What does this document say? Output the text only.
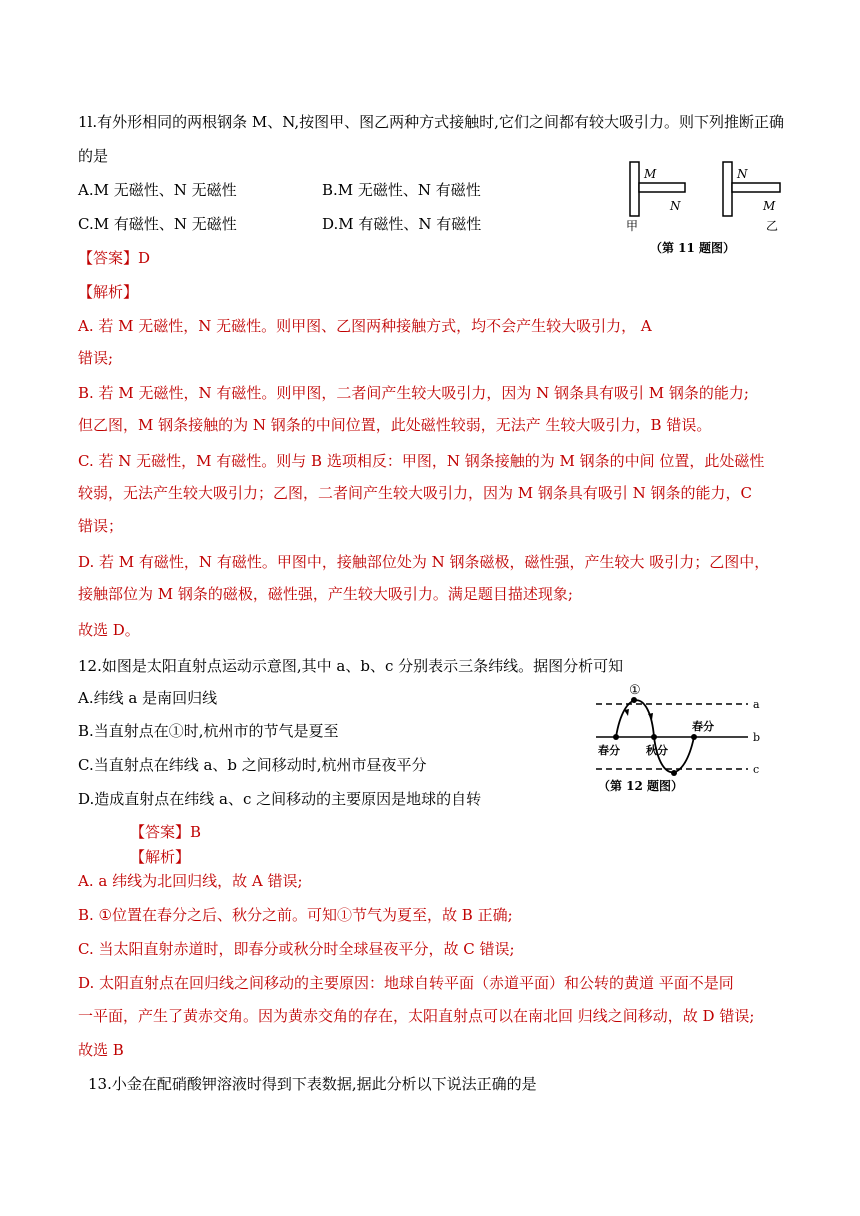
1l.有外形相同的两根钢条 M、N,按图甲、图乙两种方式接触时,它们之间都有较大吸引力。则下列推断正确
的是
A.M 无磁性、N 无磁性	B.M 无磁性、N 有磁性
C.M 有磁性、N 无磁性	D.M 有磁性、N 有磁性
【答案】D
【解析】
M
N
甲
N
M
乙
（第 11 题图）
A. 若 M 无磁性，N 无磁性。则甲图、乙图两种接触方式，均不会产生较大吸引力， A
错误;
B. 若 M 无磁性，N 有磁性。则甲图，二者间产生较大吸引力，因为 N 钢条具有吸引 M 钢条的能力;
但乙图，M 钢条接触的为 N 钢条的中间位置，此处磁性较弱，无法产 生较大吸引力，B 错误。
C. 若 N 无磁性，M 有磁性。则与 B 选项相反：甲图，N 钢条接触的为 M 钢条的中间 位置，此处磁性
较弱，无法产生较大吸引力；乙图，二者间产生较大吸引力，因为 M 钢条具有吸引 N 钢条的能力，C
错误；
D. 若 M 有磁性，N 有磁性。甲图中，接触部位处为 N 钢条磁极，磁性强，产生较大 吸引力；乙图中，
接触部位为 M 钢条的磁极，磁性强，产生较大吸引力。满足题目描述现象;
故选 D。
12.如图是太阳直射点运动示意图,其中 a、b、c 分别表示三条纬线。据图分析可知
A.纬线 a 是南回归线
B.当直射点在①时,杭州市的节气是夏至
C.当直射点在纬线 a、b 之间移动时,杭州市昼夜平分
D.造成直射点在纬线 a、c 之间移动的主要原因是地球的自转
①
a
b
c
春分 秋分
春分
（第 12 题图）
【答案】B
【解析】
A. a 纬线为北回归线，故 A 错误;
B. ①位置在春分之后、秋分之前。可知①节气为夏至，故 B 正确;
C. 当太阳直射赤道时，即春分或秋分时全球昼夜平分，故 C 错误;
D. 太阳直射点在回归线之间移动的主要原因：地球自转平面（赤道平面）和公转的黄道 平面不是同
一平面，产生了黄赤交角。因为黄赤交角的存在，太阳直射点可以在南北回 归线之间移动，故 D 错误;
故选 B
13.小金在配硝酸钾溶液时得到下表数据,据此分析以下说法正确的是
